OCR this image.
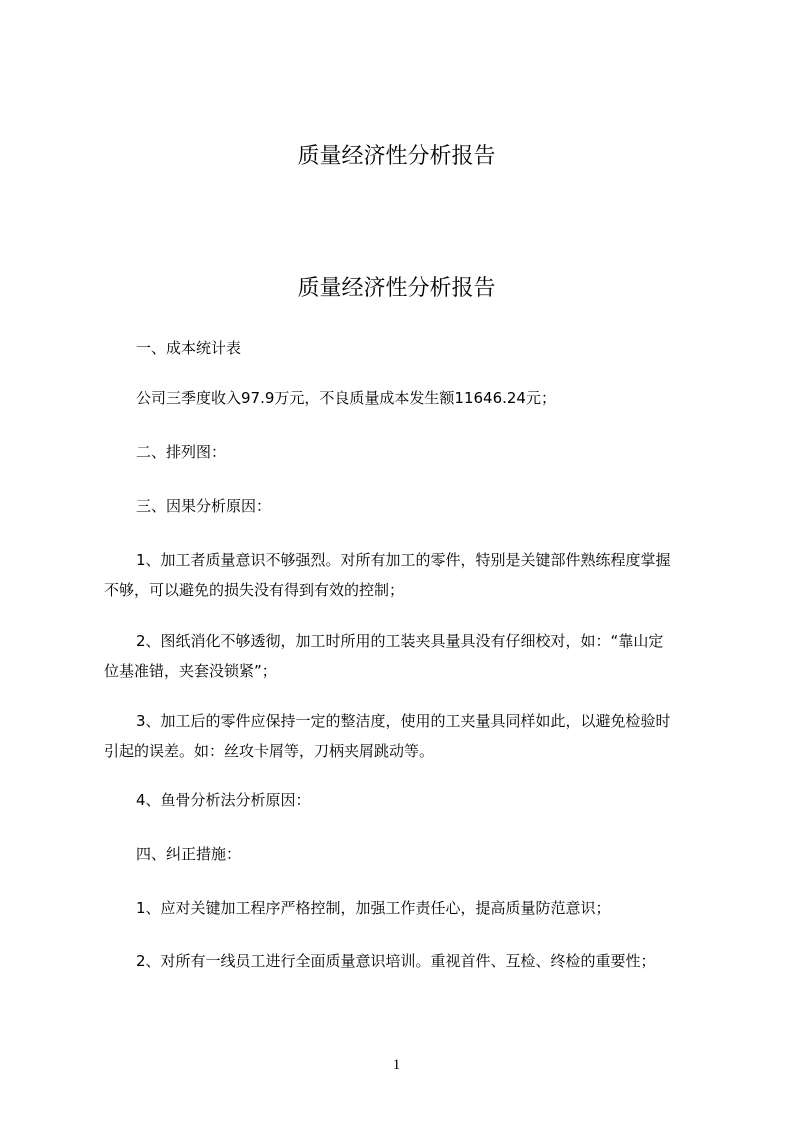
质量经济性分析报告
质量经济性分析报告
一、成本统计表
公司三季度收入97.9万元，不良质量成本发生额11646.24元；
二、排列图：
三、因果分析原因：
1、加工者质量意识不够强烈。对所有加工的零件，特别是关键部件熟练程度掌握
不够，可以避免的损失没有得到有效的控制；
2、图纸消化不够透彻，加工时所用的工装夹具量具没有仔细校对，如：“靠山定
位基准错，夹套没锁紧”；
3、加工后的零件应保持一定的整洁度，使用的工夹量具同样如此，以避免检验时
引起的误差。如：丝攻卡屑等，刀柄夹屑跳动等。
4、鱼骨分析法分析原因：
四、纠正措施：
1、应对关键加工程序严格控制，加强工作责任心，提高质量防范意识；
2、对所有一线员工进行全面质量意识培训。重视首件、互检、终检的重要性；
1
